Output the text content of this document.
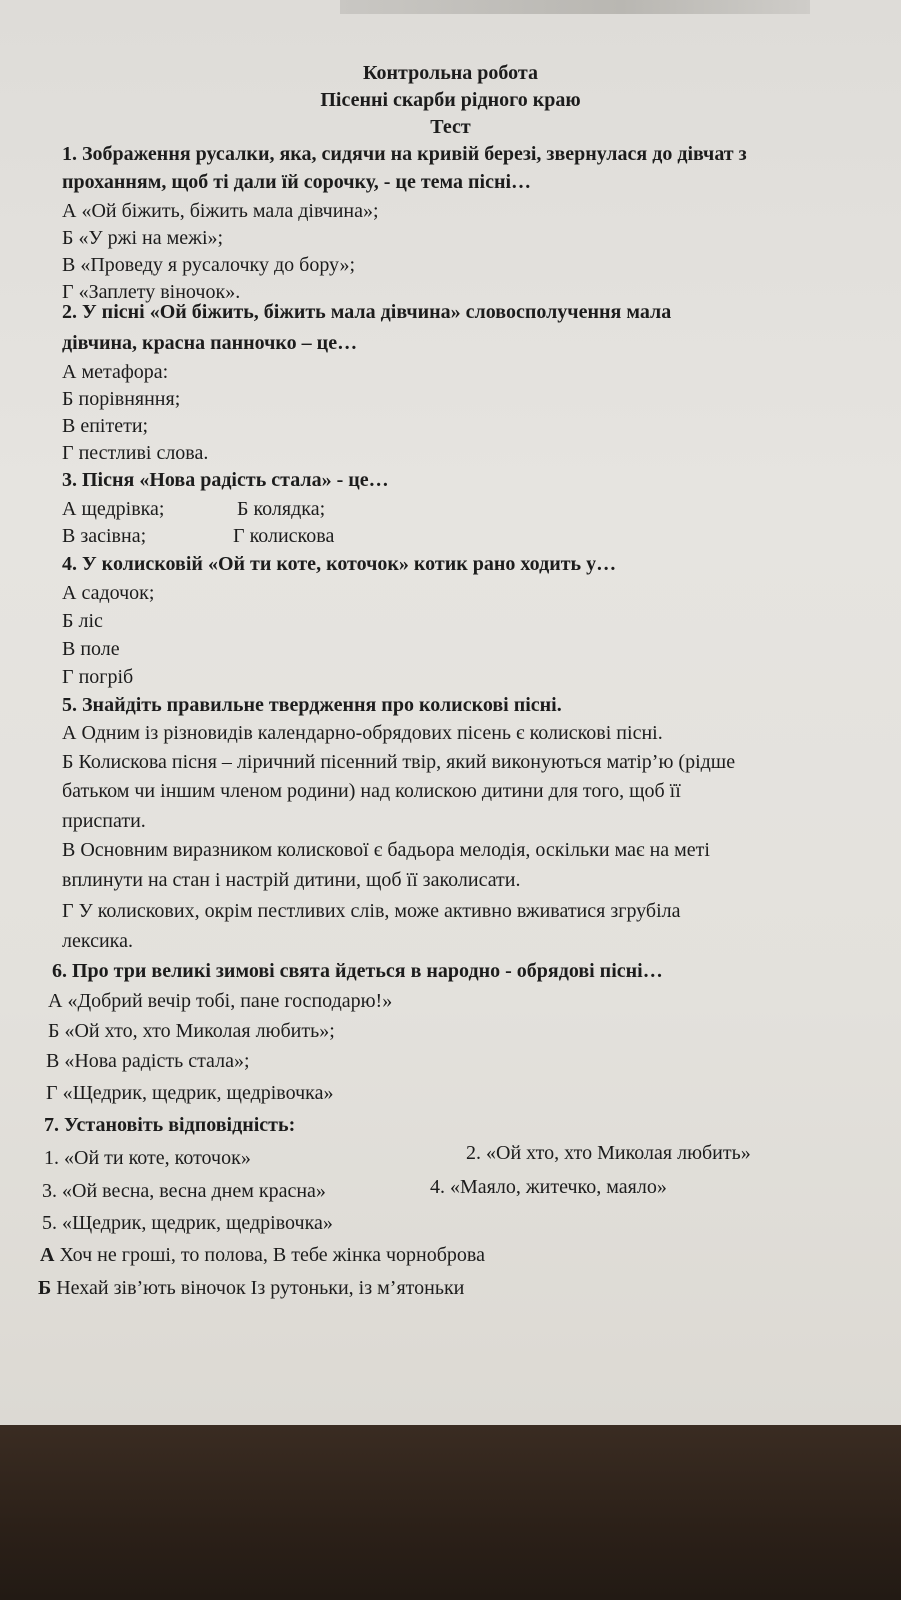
Контрольна робота
Пісенні скарби рідного краю
Тест
1. Зображення русалки, яка, сидячи на кривій березі, звернулася до дівчат з
проханням, щоб ті дали їй сорочку, - це тема пісні…
А «Ой біжить, біжить мала дівчина»;
Б «У ржі на межі»;
В «Проведу я русалочку до бору»;
Г «Заплету віночок».
2. У пісні «Ой біжить, біжить мала дівчина» словосполучення мала
дівчина, красна панночко – це…
А метафора:
Б порівняння;
В епітети;
Г пестливі слова.
3. Пісня «Нова радість стала» - це…
А щедрівка;	Б колядка;
В засівна;	Г колискова
4. У колисковій «Ой ти коте, коточок» котик рано ходить у…
А садочок;
Б ліс
В поле
Г погріб
5. Знайдіть правильне твердження про колискові пісні.
А Одним із різновидів календарно-обрядових пісень є колискові пісні.
Б Колискова пісня – ліричний пісенний твір, який виконуються матір’ю (рідше
батьком чи іншим членом родини) над колискою дитини для того, щоб її
приспати.
В Основним виразником колискової є бадьора мелодія, оскільки має на меті
вплинути на стан і настрій дитини, щоб її заколисати.
Г У колискових, окрім пестливих слів, може активно вживатися згрубіла
лексика.
6. Про три великі зимові свята йдеться в народно - обрядові пісні…
А «Добрий вечір тобі, пане господарю!»
Б «Ой хто, хто Миколая любить»;
В «Нова радість стала»;
Г «Щедрик, щедрик, щедрівочка»
7. Установіть відповідність:
1. «Ой ти коте, коточок»	2. «Ой хто, хто Миколая любить»
3. «Ой весна, весна днем красна»	4. «Маяло, житечко, маяло»
5. «Щедрик, щедрик, щедрівочка»
А Хоч не гроші, то полова, В тебе жінка чорноброва
Б Нехай зів’ють віночок Із рутоньки, із м’ятоньки
